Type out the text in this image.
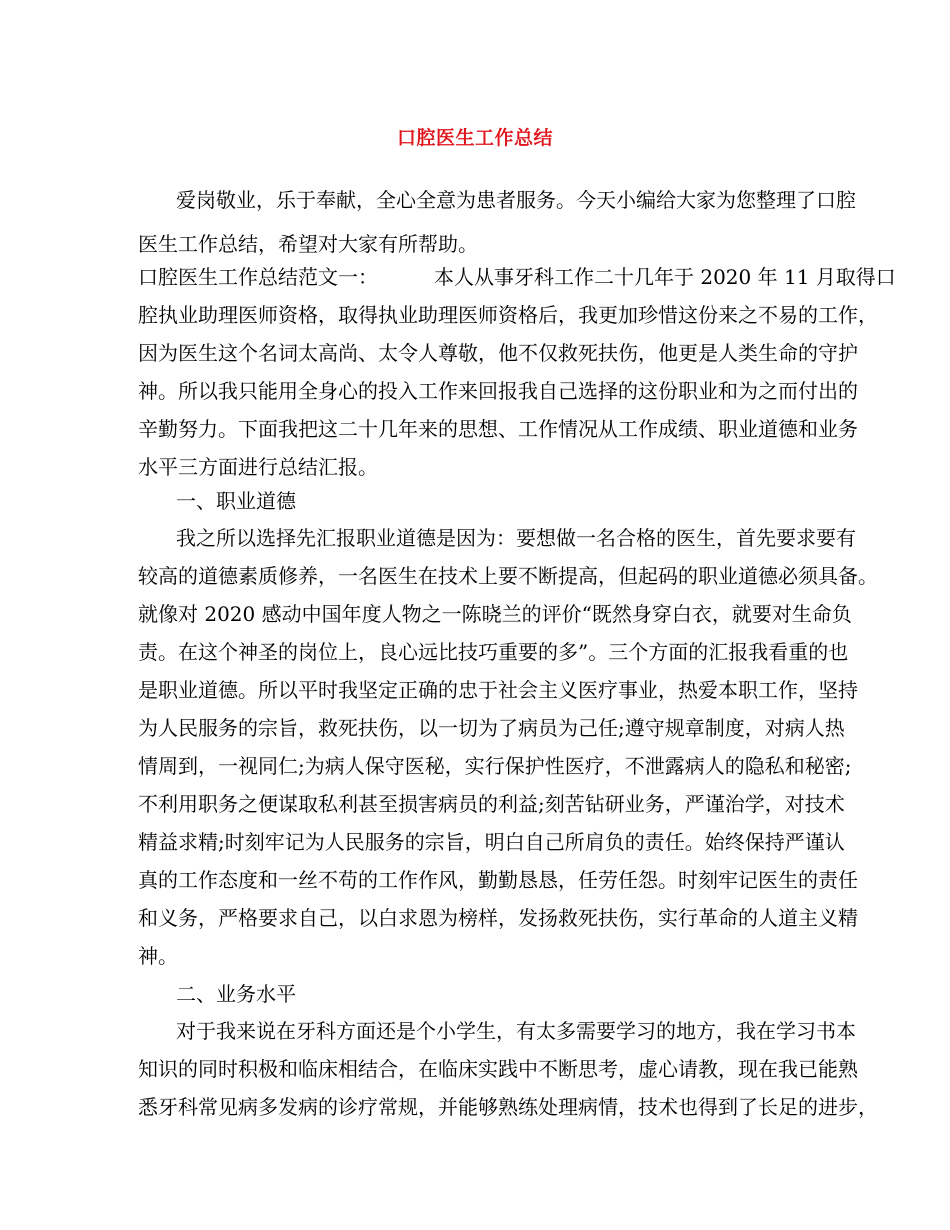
口腔医生工作总结
爱岗敬业，乐于奉献，全心全意为患者服务。今天小编给大家为您整理了口腔
医生工作总结，希望对大家有所帮助。
口腔医生工作总结范文一：	本人从事牙科工作二十几年于 2020 年 11 月取得口
腔执业助理医师资格，取得执业助理医师资格后，我更加珍惜这份来之不易的工作，
因为医生这个名词太高尚、太令人尊敬，他不仅救死扶伤，他更是人类生命的守护
神。所以我只能用全身心的投入工作来回报我自己选择的这份职业和为之而付出的
辛勤努力。下面我把这二十几年来的思想、工作情况从工作成绩、职业道德和业务
水平三方面进行总结汇报。
一、职业道德
我之所以选择先汇报职业道德是因为：要想做一名合格的医生，首先要求要有
较高的道德素质修养，一名医生在技术上要不断提高，但起码的职业道德必须具备。
就像对 2020 感动中国年度人物之一陈晓兰的评价“既然身穿白衣，就要对生命负
责。在这个神圣的岗位上，良心远比技巧重要的多”。三个方面的汇报我看重的也
是职业道德。所以平时我坚定正确的忠于社会主义医疗事业，热爱本职工作，坚持
为人民服务的宗旨，救死扶伤，以一切为了病员为己任;遵守规章制度，对病人热
情周到，一视同仁;为病人保守医秘，实行保护性医疗，不泄露病人的隐私和秘密;
不利用职务之便谋取私利甚至损害病员的利益;刻苦钻研业务，严谨治学，对技术
精益求精;时刻牢记为人民服务的宗旨，明白自己所肩负的责任。始终保持严谨认
真的工作态度和一丝不苟的工作作风，勤勤恳恳，任劳任怨。时刻牢记医生的责任
和义务，严格要求自己，以白求恩为榜样，发扬救死扶伤，实行革命的人道主义精
神。
二、业务水平
对于我来说在牙科方面还是个小学生，有太多需要学习的地方，我在学习书本
知识的同时积极和临床相结合，在临床实践中不断思考，虚心请教，现在我已能熟
悉牙科常见病多发病的诊疗常规，并能够熟练处理病情，技术也得到了长足的进步，
